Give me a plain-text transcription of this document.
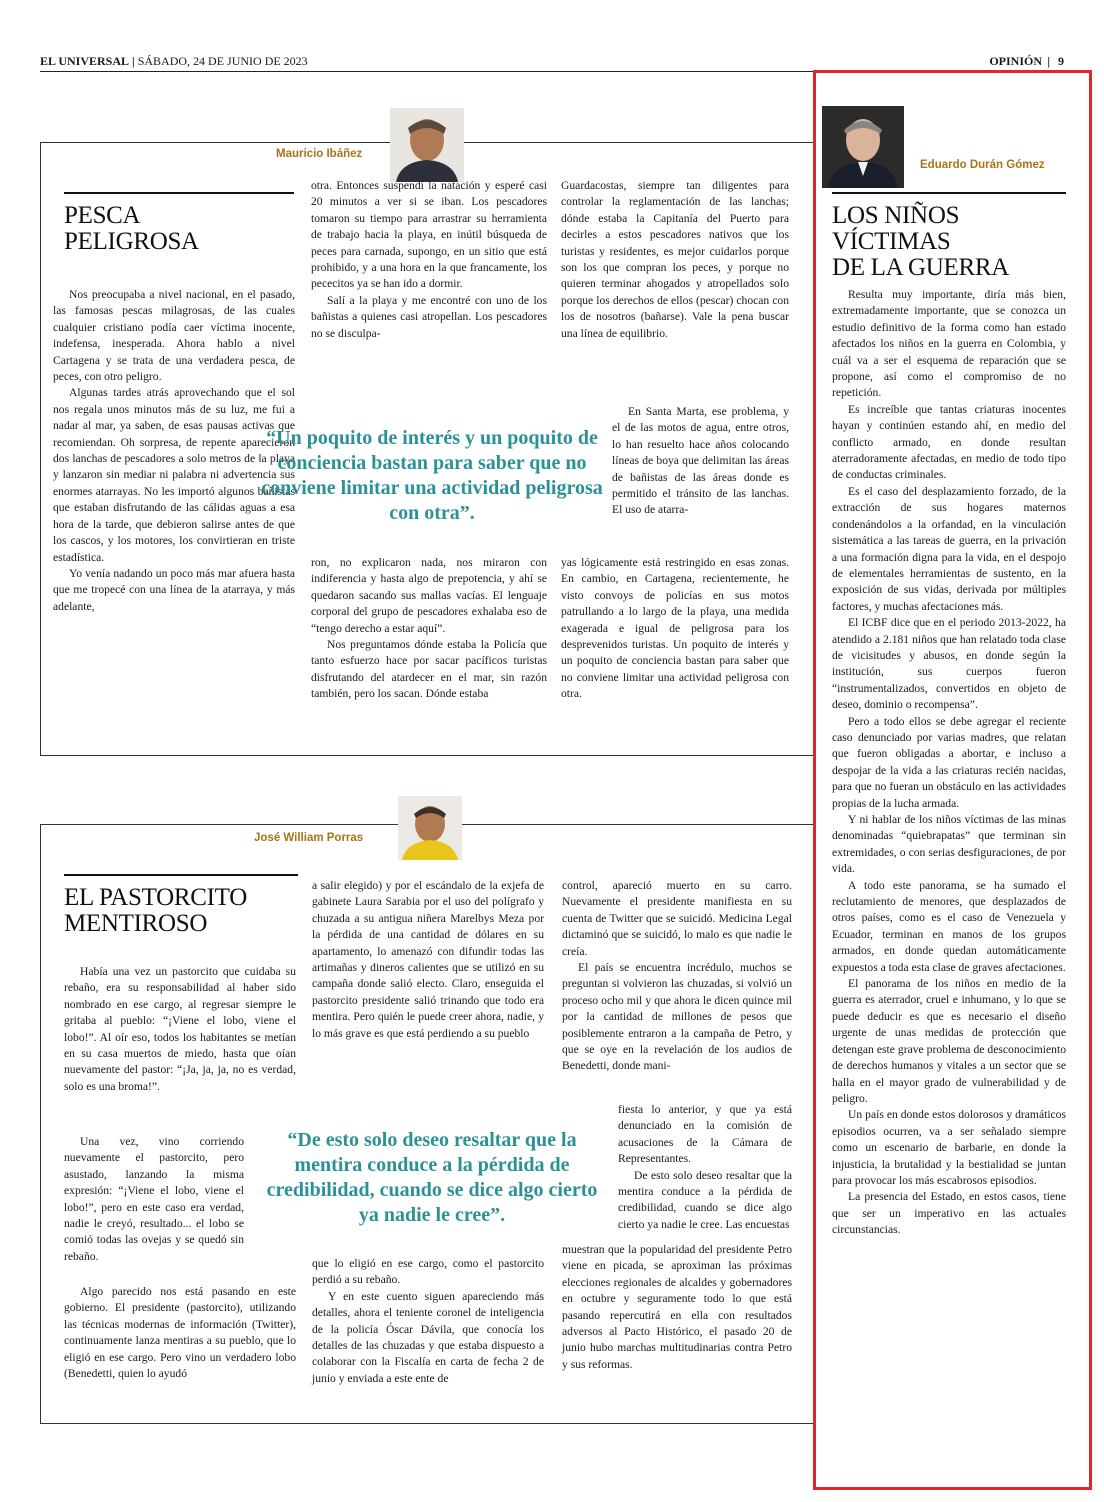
EL UNIVERSAL | SÁBADO, 24 DE JUNIO DE 2023	OPINIÓN | 9
Mauricio Ibáñez
PESCA
PELIGROSA

Nos preocupaba a nivel nacional, en el pasado, las famosas pescas milagrosas, de las cuales cualquier cristiano podía caer víctima inocente, indefensa, inesperada. Ahora hablo a nivel Cartagena y se trata de una verdadera pesca, de peces, con otro peligro.

Algunas tardes atrás aprovechando que el sol nos regala unos minutos más de su luz, me fui a nadar al mar, ya saben, de esas pausas activas que recomiendan. Oh sorpresa, de repente aparecieron dos lanchas de pescadores a solo metros de la playa y lanzaron sin mediar ni palabra ni advertencia sus enormes atarrayas. No les importó algunos bañistas que estaban disfrutando de las cálidas aguas a esa hora de la tarde, que debieron salirse antes de que los cascos, y los motores, los convirtieran en triste estadística.

Yo venía nadando un poco más mar afuera hasta que me tropecé con una línea de la atarraya, y más adelante,

otra. Entonces suspendí la natación y esperé casi 20 minutos a ver si se iban. Los pescadores tomaron su tiempo para arrastrar su herramienta de trabajo hacia la playa, en inútil búsqueda de peces para carnada, supongo, en un sitio que está prohibido, y a una hora en la que francamente, los pececitos ya se han ido a dormir.

Salí a la playa y me encontré con uno de los bañistas a quienes casi atropellan. Los pescadores no se disculpa-

“Un poquito de interés y un poquito de conciencia bastan para saber que no conviene limitar una actividad peligrosa con otra”.

ron, no explicaron nada, nos miraron con indiferencia y hasta algo de prepotencia, y ahí se quedaron sacando sus mallas vacías. El lenguaje corporal del grupo de pescadores exhalaba eso de “tengo derecho a estar aquí”.

Nos preguntamos dónde estaba la Policía que tanto esfuerzo hace por sacar pacíficos turistas disfrutando del atardecer en el mar, sin razón también, pero los sacan. Dónde estaba

Guardacostas, siempre tan diligentes para controlar la reglamentación de las lanchas; dónde estaba la Capitanía del Puerto para decirles a estos pescadores nativos que los turistas y residentes, es mejor cuidarlos porque son los que compran los peces, y porque no quieren terminar ahogados y atropellados solo porque los derechos de ellos (pescar) chocan con los de nosotros (bañarse). Vale la pena buscar una línea de equilibrio.

En Santa Marta, ese problema, y el de las motos de agua, entre otros, lo han resuelto hace años colocando líneas de boya que delimitan las áreas de bañistas de las áreas donde es permitido el tránsito de las lanchas. El uso de atarra-

yas lógicamente está restringido en esas zonas. En cambio, en Cartagena, recientemente, he visto convoys de policías en sus motos patrullando a lo largo de la playa, una medida exagerada e igual de peligrosa para los desprevenidos turistas. Un poquito de interés y un poquito de conciencia bastan para saber que no conviene limitar una actividad peligrosa con otra.

José William Porras
EL PASTORCITO
MENTIROSO

Había una vez un pastorcito que cuidaba su rebaño, era su responsabilidad al haber sido nombrado en ese cargo, al regresar siempre le gritaba al pueblo: “¡Viene el lobo, viene el lobo!”. Al oír eso, todos los habitantes se metían en su casa muertos de miedo, hasta que oían nuevamente del pastor: “¡Ja, ja, ja, no es verdad, solo es una broma!”.

Una vez, vino corriendo nuevamente el pastorcito, pero asustado, lanzando la misma expresión: “¡Viene el lobo, viene el lobo!”, pero en este caso era verdad, nadie le creyó, resultado... el lobo se comió todas las ovejas y se quedó sin rebaño.

Algo parecido nos está pasando en este gobierno. El presidente (pastorcito), utilizando las técnicas modernas de información (Twitter), continuamente lanza mentiras a su pueblo, que lo eligió en ese cargo. Pero vino un verdadero lobo (Benedetti, quien lo ayudó

a salir elegido) y por el escándalo de la exjefa de gabinete Laura Sarabia por el uso del polígrafo y chuzada a su antigua niñera Marelbys Meza por la pérdida de una cantidad de dólares en su apartamento, lo amenazó con difundir todas las artimañas y dineros calientes que se utilizó en su campaña donde salió electo. Claro, enseguida el pastorcito presidente salió trinando que todo era mentira. Pero quién le puede creer ahora, nadie, y lo más grave es que está perdiendo a su pueblo

“De esto solo deseo resaltar que la mentira conduce a la pérdida de credibilidad, cuando se dice algo cierto ya nadie le cree”.

que lo eligió en ese cargo, como el pastorcito perdió a su rebaño.

Y en este cuento siguen apareciendo más detalles, ahora el teniente coronel de inteligencia de la policía Óscar Dávila, que conocía los detalles de las chuzadas y que estaba dispuesto a colaborar con la Fiscalía en carta de fecha 2 de junio y enviada a este ente de

control, apareció muerto en su carro. Nuevamente el presidente manifiesta en su cuenta de Twitter que se suicidó. Medicina Legal dictaminó que se suicidó, lo malo es que nadie le creía.

El país se encuentra incrédulo, muchos se preguntan si volvieron las chuzadas, si volvió un proceso ocho mil y que ahora le dicen quince mil por la cantidad de millones de pesos que posiblemente entraron a la campaña de Petro, y que se oye en la revelación de los audios de Benedetti, donde mani-

fiesta lo anterior, y que ya está denunciado en la comisión de acusaciones de la Cámara de Representantes.

De esto solo deseo resaltar que la mentira conduce a la pérdida de credibilidad, cuando se dice algo cierto ya nadie le cree. Las encuestas

muestran que la popularidad del presidente Petro viene en picada, se aproximan las próximas elecciones regionales de alcaldes y gobernadores en octubre y seguramente todo lo que está pasando repercutirá en ella con resultados adversos al Pacto Histórico, el pasado 20 de junio hubo marchas multitudinarias contra Petro y sus reformas.

Eduardo Durán Gómez
LOS NIÑOS VÍCTIMAS
DE LA GUERRA

Resulta muy importante, diría más bien, extremadamente importante, que se conozca un estudio definitivo de la forma como han estado afectados los niños en la guerra en Colombia, y cuál va a ser el esquema de reparación que se propone, así como el compromiso de no repetición.

Es increíble que tantas criaturas inocentes hayan y continúen estando ahí, en medio del conflicto armado, en donde resultan aterradoramente afectadas, en medio de todo tipo de conductas criminales.

Es el caso del desplazamiento forzado, de la extracción de sus hogares maternos condenándolos a la orfandad, en la vinculación sistemática a las tareas de guerra, en la privación a una formación digna para la vida, en el despojo de elementales herramientas de sustento, en la exposición de sus vidas, derivada por múltiples factores, y muchas afectaciones más.

El ICBF dice que en el periodo 2013-2022, ha atendido a 2.181 niños que han relatado toda clase de vicisitudes y abusos, en donde según la institución, sus cuerpos fueron “instrumentalizados, convertidos en objeto de deseo, dominio o recompensa”.

Pero a todo ellos se debe agregar el reciente caso denunciado por varias madres, que relatan que fueron obligadas a abortar, e incluso a despojar de la vida a las criaturas recién nacidas, para que no fueran un obstáculo en las actividades propias de la lucha armada.

Y ni hablar de los niños víctimas de las minas denominadas “quiebrapatas” que terminan sin extremidades, o con serias desfiguraciones, de por vida.

A todo este panorama, se ha sumado el reclutamiento de menores, que desplazados de otros países, como es el caso de Venezuela y Ecuador, terminan en manos de los grupos armados, en donde quedan automáticamente expuestos a toda esta clase de graves afectaciones.

El panorama de los niños en medio de la guerra es aterrador, cruel e inhumano, y lo que se puede deducir es que es necesario el diseño urgente de unas medidas de protección que detengan este grave problema de desconocimiento de derechos humanos y vitales a un sector que se halla en el mayor grado de vulnerabilidad y de peligro.

Un país en donde estos dolorosos y dramáticos episodios ocurren, va a ser señalado siempre como un escenario de barbarie, en donde la injusticia, la brutalidad y la bestialidad se juntan para provocar los más escabrosos episodios.

La presencia del Estado, en estos casos, tiene que ser un imperativo en las actuales circunstancias.
